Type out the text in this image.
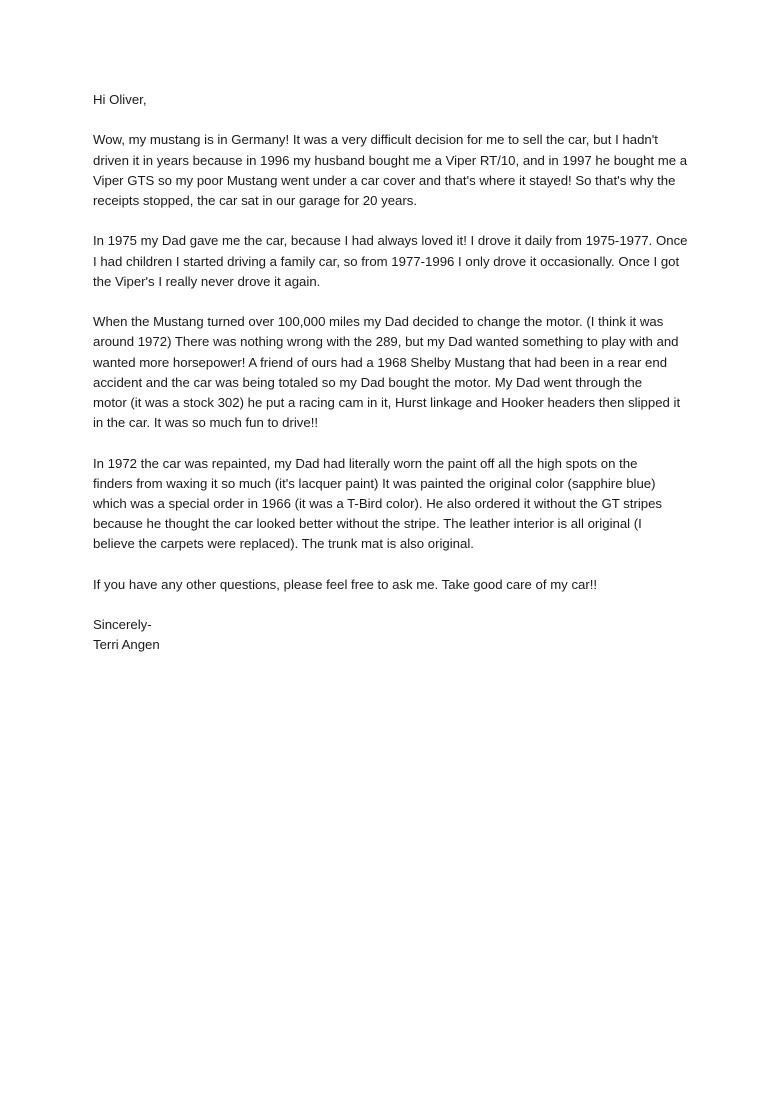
Hi Oliver,

Wow, my mustang is in Germany! It was a very difficult decision for me to sell the car, but I hadn't
driven it in years because in 1996 my husband bought me a Viper RT/10, and in 1997 he bought me a
Viper GTS so my poor Mustang went under a car cover and that's where it stayed! So that's why the
receipts stopped, the car sat in our garage for 20 years.

In 1975 my Dad gave me the car, because I had always loved it! I drove it daily from 1975-1977. Once
I had children I started driving a family car, so from 1977-1996 I only drove it occasionally. Once I got
the Viper's I really never drove it again.

When the Mustang turned over 100,000 miles my Dad decided to change the motor. (I think it was
around 1972) There was nothing wrong with the 289, but my Dad wanted something to play with and
wanted more horsepower! A friend of ours had a 1968 Shelby Mustang that had been in a rear end
accident and the car was being totaled so my Dad bought the motor. My Dad went through the
motor (it was a stock 302) he put a racing cam in it, Hurst linkage and Hooker headers then slipped it
in the car. It was so much fun to drive!!

In 1972 the car was repainted, my Dad had literally worn the paint off all the high spots on the
finders from waxing it so much (it's lacquer paint) It was painted the original color (sapphire blue)
which was a special order in 1966 (it was a T-Bird color). He also ordered it without the GT stripes
because he thought the car looked better without the stripe. The leather interior is all original (I
believe the carpets were replaced). The trunk mat is also original.

If you have any other questions, please feel free to ask me. Take good care of my car!!

Sincerely-
Terri Angen
